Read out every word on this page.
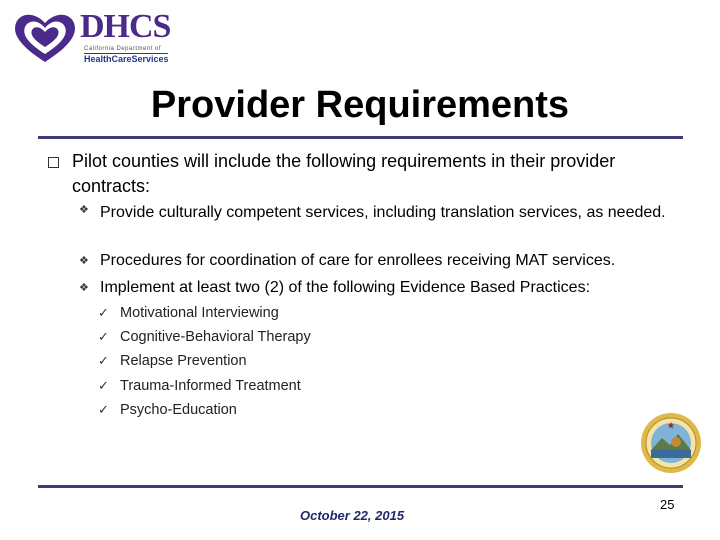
DHCS
California Department of
HealthCareServices
Provider Requirements
Pilot counties will include the following requirements in their provider contracts:
❖ Provide culturally competent services, including translation services, as needed.
❖ Procedures for coordination of care for enrollees receiving MAT services.
❖ Implement at least two (2) of the following Evidence Based Practices:
✓ Motivational Interviewing
✓ Cognitive-Behavioral Therapy
✓ Relapse Prevention
✓ Trauma-Informed Treatment
✓ Psycho-Education
October 22, 2015
25
